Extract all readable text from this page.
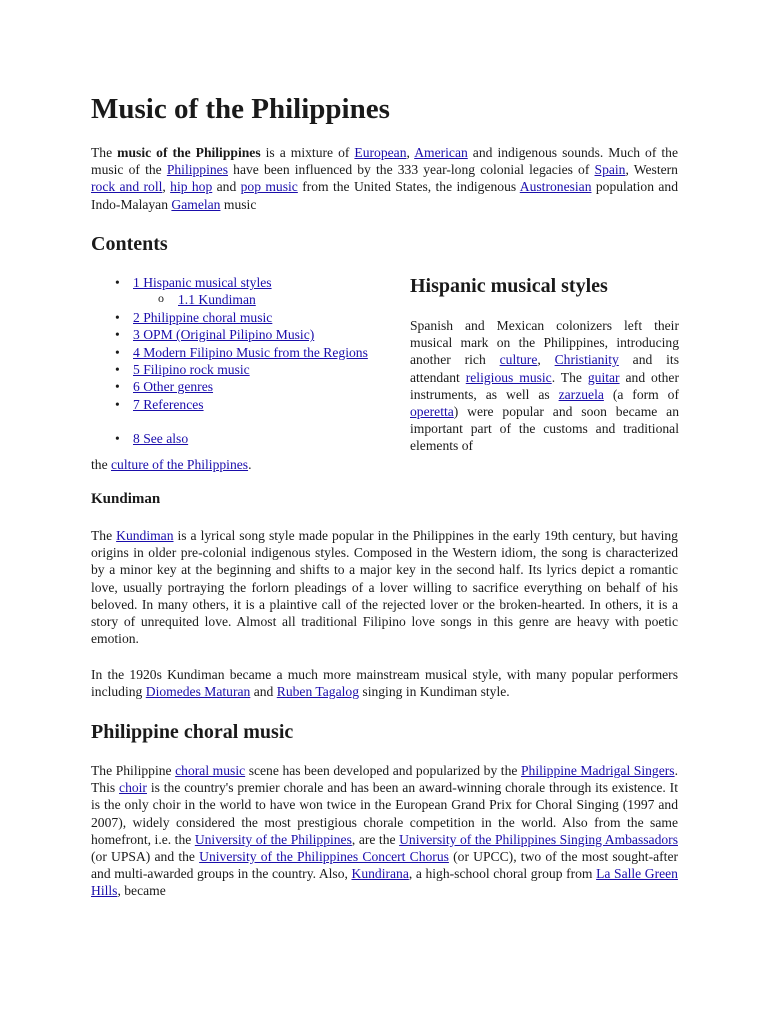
Music of the Philippines

The music of the Philippines is a mixture of European, American and indigenous sounds. Much of the music of the Philippines have been influenced by the 333 year-long colonial legacies of Spain, Western rock and roll, hip hop and pop music from the United States, the indigenous Austronesian population and Indo-Malayan Gamelan music

Contents
• 1 Hispanic musical styles
o 1.1 Kundiman
• 2 Philippine choral music
• 3 OPM (Original Pilipino Music)
• 4 Modern Filipino Music from the Regions
• 5 Filipino rock music
• 6 Other genres
• 7 References
• 8 See also

the culture of the Philippines.

Hispanic musical styles

Spanish and Mexican colonizers left their musical mark on the Philippines, introducing another rich culture, Christianity and its attendant religious music. The guitar and other instruments, as well as zarzuela (a form of operetta) were popular and soon became an important part of the customs and traditional elements of

Kundiman

The Kundiman is a lyrical song style made popular in the Philippines in the early 19th century, but having origins in older pre-colonial indigenous styles. Composed in the Western idiom, the song is characterized by a minor key at the beginning and shifts to a major key in the second half. Its lyrics depict a romantic love, usually portraying the forlorn pleadings of a lover willing to sacrifice everything on behalf of his beloved. In many others, it is a plaintive call of the rejected lover or the broken-hearted. In others, it is a story of unrequited love. Almost all traditional Filipino love songs in this genre are heavy with poetic emotion.

In the 1920s Kundiman became a much more mainstream musical style, with many popular performers including Diomedes Maturan and Ruben Tagalog singing in Kundiman style.

Philippine choral music

The Philippine choral music scene has been developed and popularized by the Philippine Madrigal Singers. This choir is the country's premier chorale and has been an award-winning chorale through its existence. It is the only choir in the world to have won twice in the European Grand Prix for Choral Singing (1997 and 2007), widely considered the most prestigious chorale competition in the world. Also from the same homefront, i.e. the University of the Philippines, are the University of the Philippines Singing Ambassadors (or UPSA) and the University of the Philippines Concert Chorus (or UPCC), two of the most sought-after and multi-awarded groups in the country. Also, Kundirana, a high-school choral group from La Salle Green Hills, became
